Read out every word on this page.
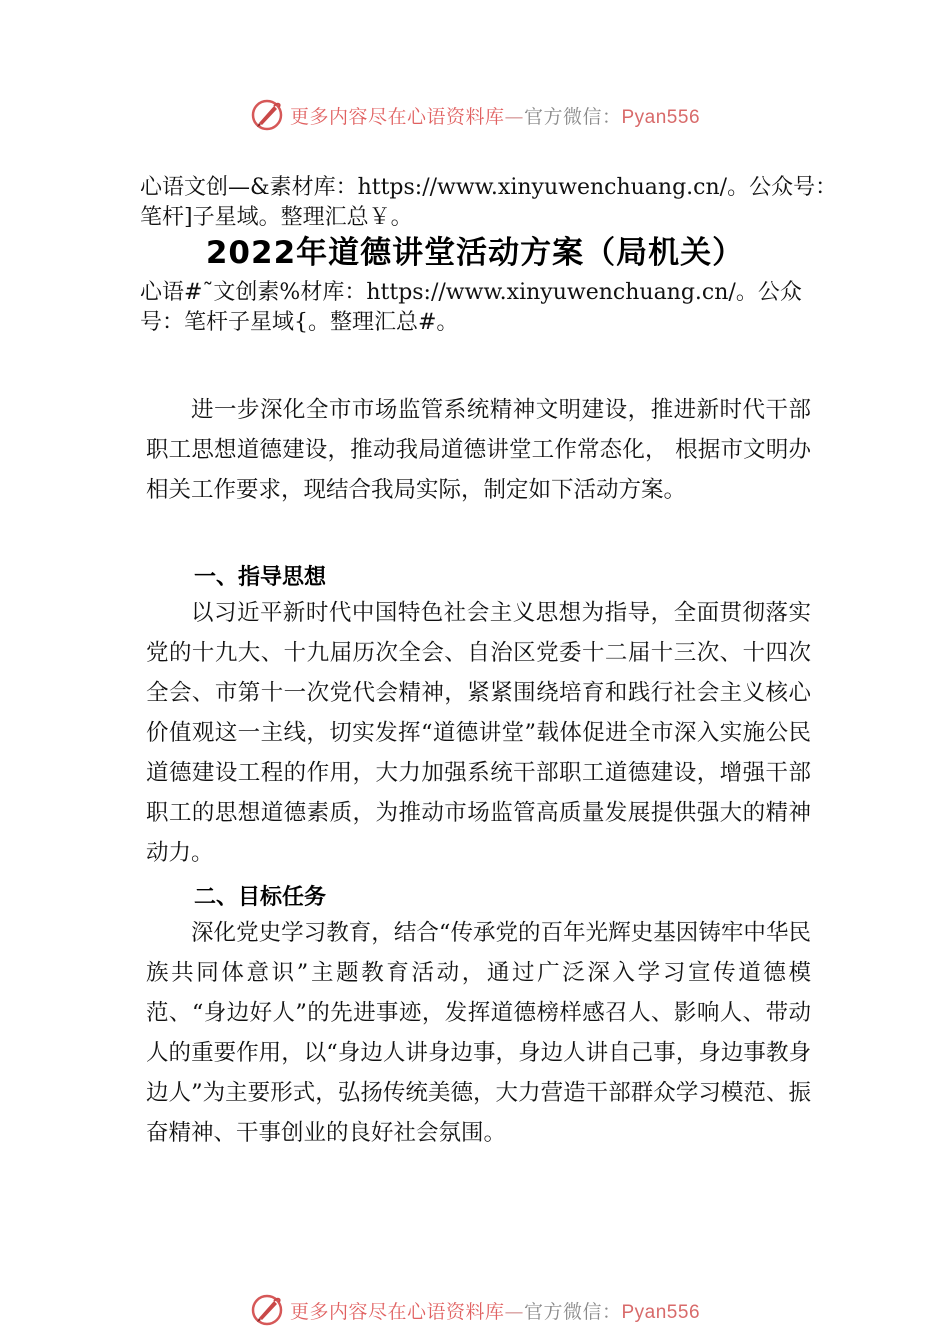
更多内容尽在心语资料库—官方微信：Pyan556
心语文创—&素材库：https://www.xinyuwenchuang.cn/。公众号：笔杆]子星域。整理汇总￥。
2022年道德讲堂活动方案（局机关）
心语#˜文创素%材库：https://www.xinyuwenchuang.cn/。公众号：笔杆子星域{。整理汇总#。
进一步深化全市市场监管系统精神文明建设，推进新时代干部职工思想道德建设，推动我局道德讲堂工作常态化， 根据市文明办相关工作要求，现结合我局实际，制定如下活动方案。
一、指导思想
以习近平新时代中国特色社会主义思想为指导，全面贯彻落实党的十九大、十九届历次全会、自治区党委十二届十三次、十四次全会、市第十一次党代会精神，紧紧围绕培育和践行社会主义核心价值观这一主线，切实发挥“道德讲堂”载体促进全市深入实施公民道德建设工程的作用，大力加强系统干部职工道德建设，增强干部职工的思想道德素质，为推动市场监管高质量发展提供强大的精神动力。
二、目标任务
深化党史学习教育，结合“传承党的百年光辉史基因铸牢中华民族共同体意识”主题教育活动，通过广泛深入学习宣传道德模范、“身边好人”的先进事迹，发挥道德榜样感召人、影响人、带动人的重要作用，以“身边人讲身边事，身边人讲自己事，身边事教身边人”为主要形式，弘扬传统美德，大力营造干部群众学习模范、振奋精神、干事创业的良好社会氛围。
更多内容尽在心语资料库—官方微信：Pyan556
